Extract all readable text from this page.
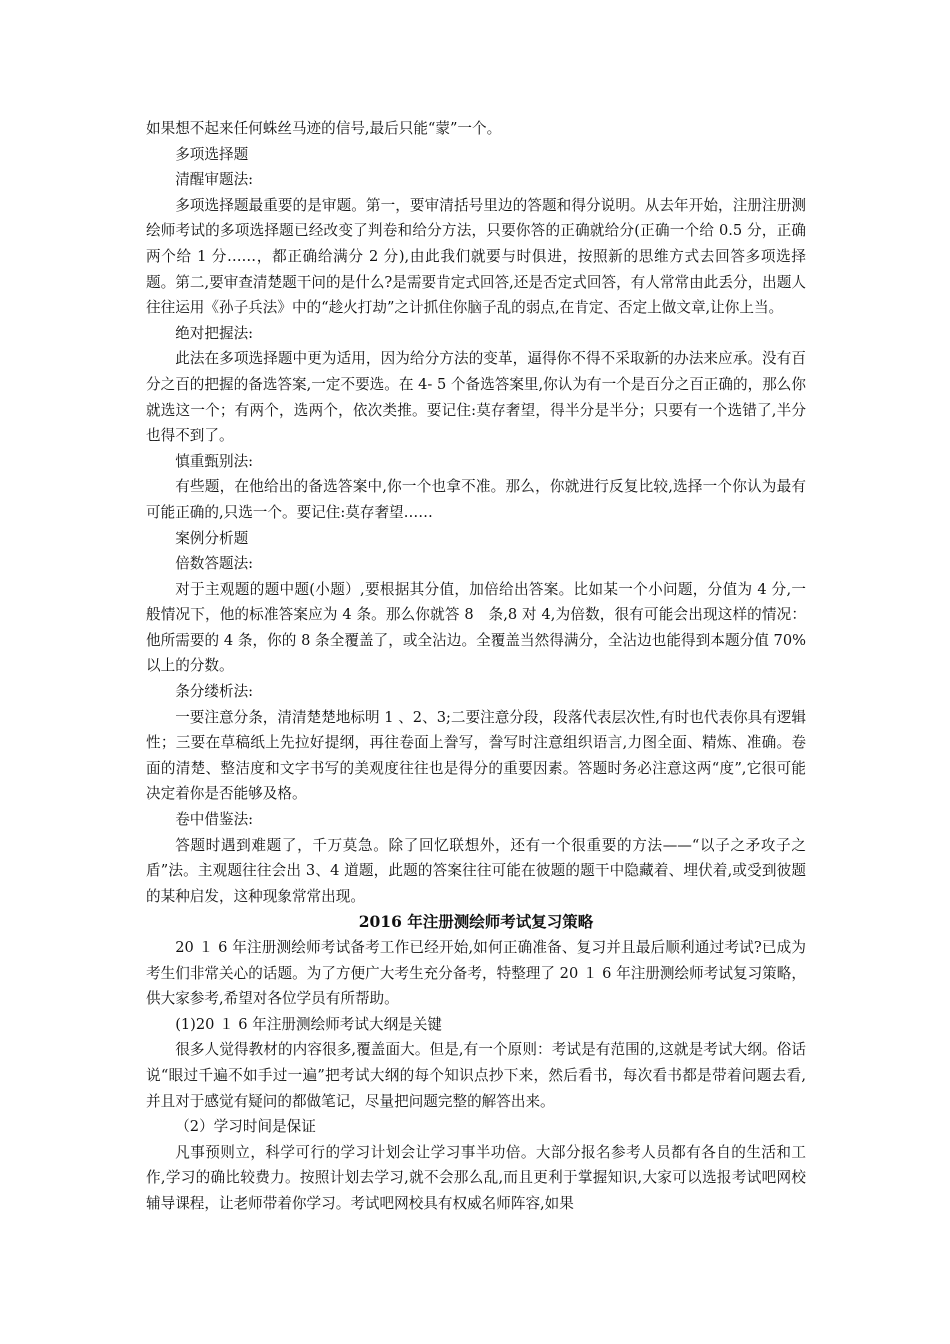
如果想不起来任何蛛丝马迹的信号,最后只能“蒙”一个。

多项选择题

清醒审题法:

多项选择题最重要的是审题。第一，要审清括号里边的答题和得分说明。从去年开始，注册注册测绘师考试的多项选择题已经改变了判卷和给分方法，只要你答的正确就给分(正确一个给 0.5 分，正确两个给 1 分……，都正确给满分 2 分),由此我们就要与时俱进，按照新的思维方式去回答多项选择题。第二,要审查清楚题干问的是什么?是需要肯定式回答,还是否定式回答，有人常常由此丢分，出题人往往运用《孙子兵法》中的“趁火打劫”之计抓住你脑子乱的弱点,在肯定、否定上做文章,让你上当。

绝对把握法:

此法在多项选择题中更为适用，因为给分方法的变革，逼得你不得不采取新的办法来应承。没有百分之百的把握的备选答案,一定不要选。在 4- 5 个备选答案里,你认为有一个是百分之百正确的，那么你就选这一个；有两个，选两个，依次类推。要记住:莫存奢望，得半分是半分；只要有一个选错了,半分也得不到了。

慎重甄别法:

有些题，在他给出的备选答案中,你一个也拿不准。那么，你就进行反复比较,选择一个你认为最有可能正确的,只选一个。要记住:莫存奢望……

案例分析题

倍数答题法:

对于主观题的题中题(小题）,要根据其分值，加倍给出答案。比如某一个小问题，分值为 4 分,一般情况下，他的标准答案应为 4 条。那么你就答 8　条,8 对 4,为倍数，很有可能会出现这样的情况：他所需要的 4 条，你的 8 条全覆盖了，或全沾边。全覆盖当然得满分，全沾边也能得到本题分值 70%以上的分数。

条分缕析法:

一要注意分条，清清楚楚地标明 1 、2、3;二要注意分段，段落代表层次性,有时也代表你具有逻辑性；三要在草稿纸上先拉好提纲，再往卷面上誊写，誊写时注意组织语言,力图全面、精炼、准确。卷面的清楚、整洁度和文字书写的美观度往往也是得分的重要因素。答题时务必注意这两“度”,它很可能决定着你是否能够及格。

卷中借鉴法:

答题时遇到难题了，千万莫急。除了回忆联想外，还有一个很重要的方法——“以子之矛攻子之盾”法。主观题往往会出 3、4 道题，此题的答案往往可能在彼题的题干中隐藏着、埋伏着,或受到彼题的某种启发，这种现象常常出现。

2016 年注册测绘师考试复习策略

20 １ 6 年注册测绘师考试备考工作已经开始,如何正确准备、复习并且最后顺利通过考试?已成为考生们非常关心的话题。为了方便广大考生充分备考，特整理了 20 １ 6 年注册测绘师考试复习策略，供大家参考,希望对各位学员有所帮助。

(1)20 １ 6 年注册测绘师考试大纲是关键

很多人觉得教材的内容很多,覆盖面大。但是,有一个原则：考试是有范围的,这就是考试大纲。俗话说“眼过千遍不如手过一遍”把考试大纲的每个知识点抄下来，然后看书，每次看书都是带着问题去看,并且对于感觉有疑问的都做笔记，尽量把问题完整的解答出来。

（2）学习时间是保证

凡事预则立，科学可行的学习计划会让学习事半功倍。大部分报名参考人员都有各自的生活和工作,学习的确比较费力。按照计划去学习,就不会那么乱,而且更利于掌握知识,大家可以选报考试吧网校辅导课程，让老师带着你学习。考试吧网校具有权威名师阵容,如果
